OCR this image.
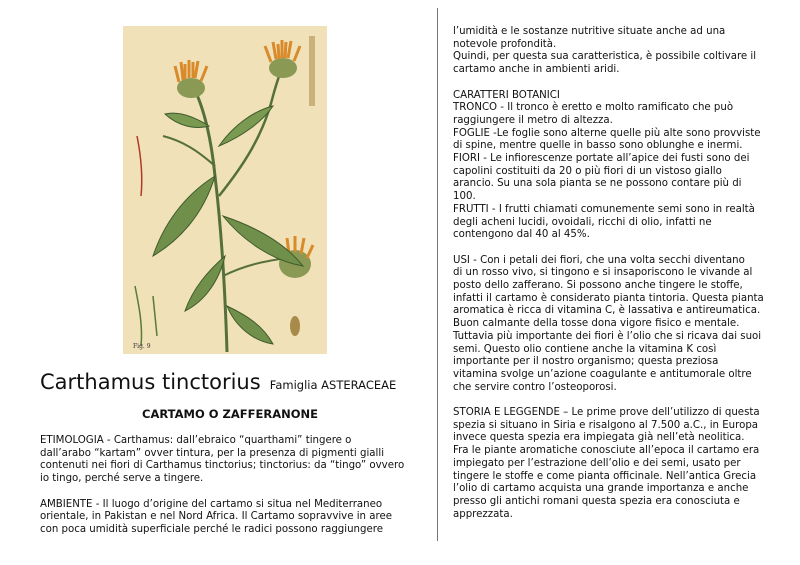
Fig. 9
Carthamus tinctorius Famiglia ASTERACEAE
CARTAMO O ZAFFERANONE

ETIMOLOGIA - Carthamus: dall’ebraico “quarthami” tingere o
dall’arabo “kartam” ovver tintura, per la presenza di pigmenti gialli
contenuti nei fiori di Carthamus tinctorius; tinctorius: da “tingo” ovvero
io tingo, perché serve a tingere.

AMBIENTE - Il luogo d’origine del cartamo si situa nel Mediterraneo
orientale, in Pakistan e nel Nord Africa. Il Cartamo sopravvive in aree
con poca umidità superficiale perché le radici possono raggiungere

l’umidità e le sostanze nutritive situate anche ad una
notevole profondità.
Quindi, per questa sua caratteristica, è possibile coltivare il
cartamo anche in ambienti aridi.

CARATTERI BOTANICI
TRONCO - Il tronco è eretto e molto ramificato che può
raggiungere il metro di altezza.
FOGLIE -Le foglie sono alterne quelle più alte sono provviste
di spine, mentre quelle in basso sono oblunghe e inermi.
FIORI - Le infiorescenze portate all’apice dei fusti sono dei
capolini costituiti da 20 o più fiori di un vistoso giallo
arancio. Su una sola pianta se ne possono contare più di
100.
FRUTTI - I frutti chiamati comunemente semi sono in realtà
degli acheni lucidi, ovoidali, ricchi di olio, infatti ne
contengono dal 40 al 45%.

USI - Con i petali dei fiori, che una volta secchi diventano
di un rosso vivo, si tingono e si insaporiscono le vivande al
posto dello zafferano. Si possono anche tingere le stoffe,
infatti il cartamo è considerato pianta tintoria. Questa pianta
aromatica è ricca di vitamina C, è lassativa e antireumatica.
Buon calmante della tosse dona vigore fisico e mentale.
Tuttavia più importante dei fiori è l’olio che si ricava dai suoi
semi. Questo olio contiene anche la vitamina K così
importante per il nostro organismo; questa preziosa
vitamina svolge un’azione coagulante e antitumorale oltre
che servire contro l’osteoporosi.

STORIA E LEGGENDE – Le prime prove dell’utilizzo di questa
spezia si situano in Siria e risalgono al 7.500 a.C., in Europa
invece questa spezia era impiegata già nell’età neolitica.
Fra le piante aromatiche conosciute all’epoca il cartamo era
impiegato per l’estrazione dell’olio e dei semi, usato per
tingere le stoffe e come pianta officinale. Nell’antica Grecia
l’olio di cartamo acquista una grande importanza e anche
presso gli antichi romani questa spezia era conosciuta e
apprezzata.
